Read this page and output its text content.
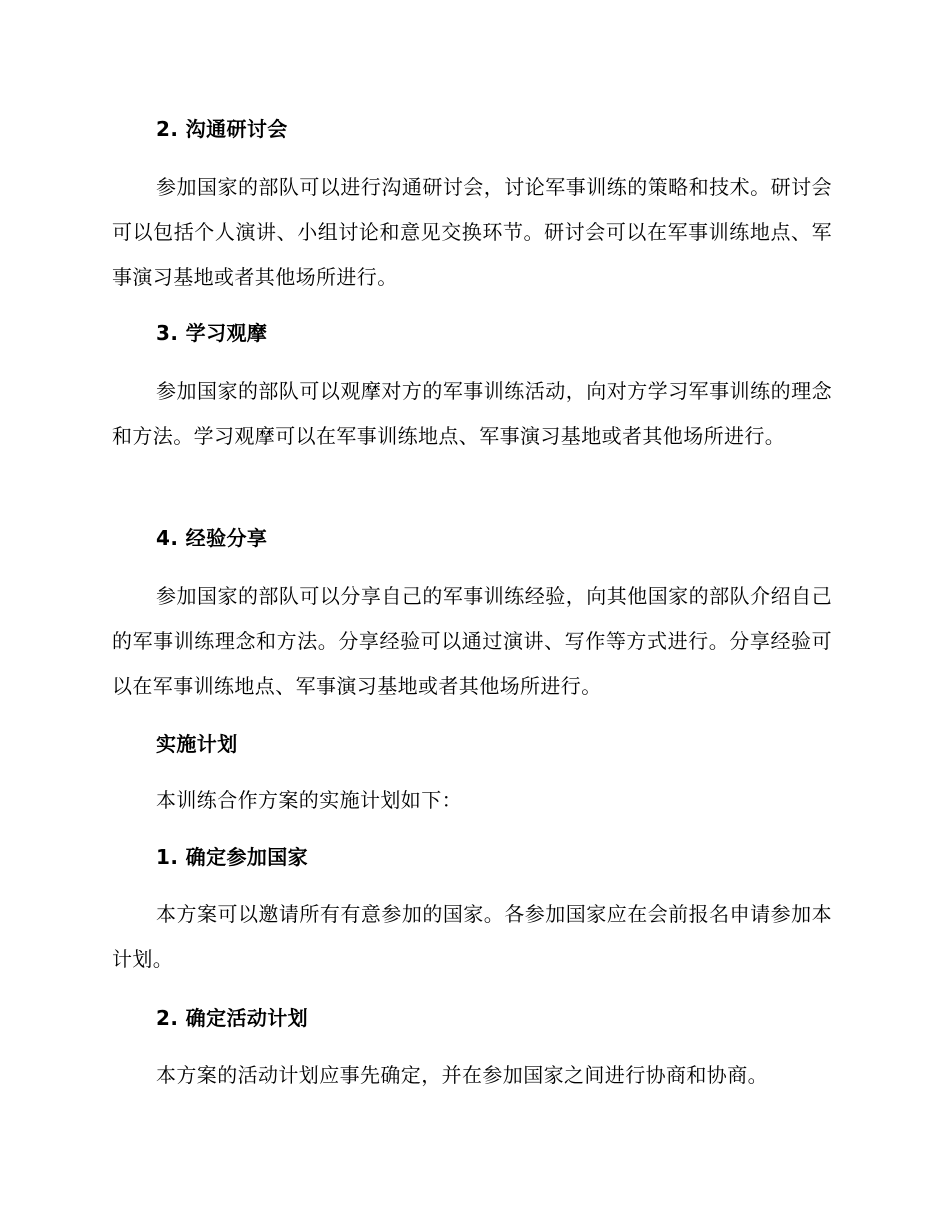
2. 沟通研讨会
参加国家的部队可以进行沟通研讨会，讨论军事训练的策略和技术。研讨会可以包括个人演讲、小组讨论和意见交换环节。研讨会可以在军事训练地点、军事演习基地或者其他场所进行。
3. 学习观摩
参加国家的部队可以观摩对方的军事训练活动，向对方学习军事训练的理念和方法。学习观摩可以在军事训练地点、军事演习基地或者其他场所进行。
4. 经验分享
参加国家的部队可以分享自己的军事训练经验，向其他国家的部队介绍自己的军事训练理念和方法。分享经验可以通过演讲、写作等方式进行。分享经验可以在军事训练地点、军事演习基地或者其他场所进行。
实施计划
本训练合作方案的实施计划如下：
1. 确定参加国家
本方案可以邀请所有有意参加的国家。各参加国家应在会前报名申请参加本计划。
2. 确定活动计划
本方案的活动计划应事先确定，并在参加国家之间进行协商和协商。
